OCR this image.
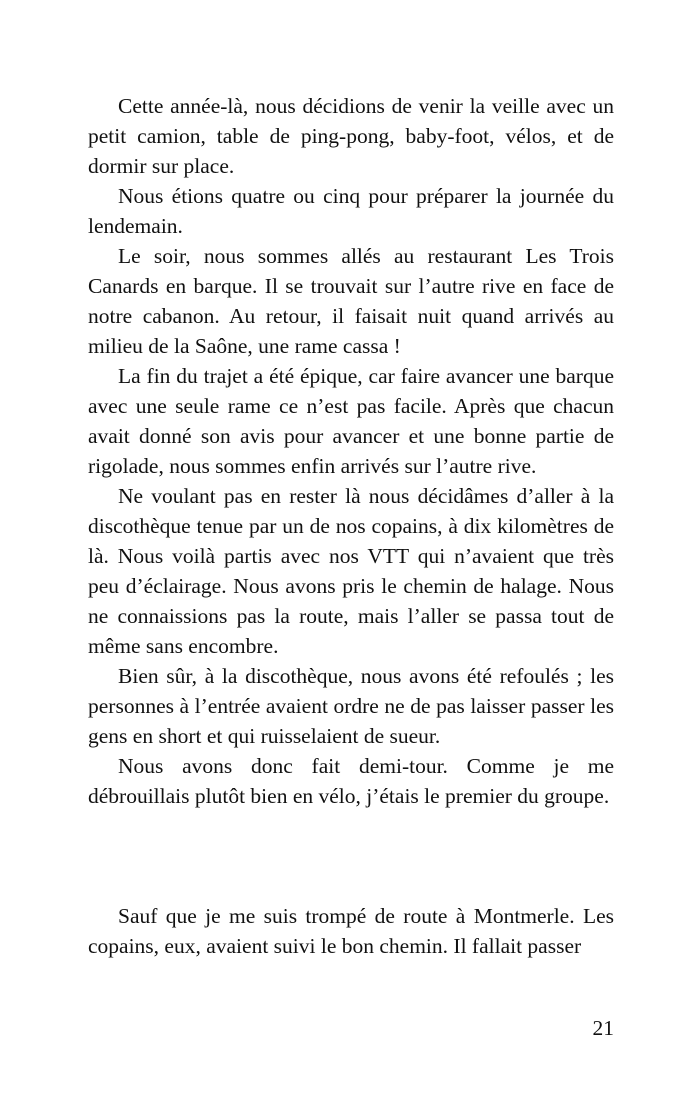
Cette année-là, nous décidions de venir la veille avec un petit camion, table de ping-pong, baby-foot, vélos, et de dormir sur place.

Nous étions quatre ou cinq pour préparer la journée du lendemain.

Le soir, nous sommes allés au restaurant Les Trois Canards en barque. Il se trouvait sur l’autre rive en face de notre cabanon. Au retour, il faisait nuit quand arrivés au milieu de la Saône, une rame cassa !

La fin du trajet a été épique, car faire avancer une barque avec une seule rame ce n’est pas facile. Après que chacun avait donné son avis pour avancer et une bonne partie de rigolade, nous sommes enfin arrivés sur l’autre rive.

Ne voulant pas en rester là nous décidâmes d’aller à la discothèque tenue par un de nos copains, à dix kilomètres de là. Nous voilà partis avec nos VTT qui n’avaient que très peu d’éclairage. Nous avons pris le chemin de halage. Nous ne connaissions pas la route, mais l’aller se passa tout de même sans encombre.

Bien sûr, à la discothèque, nous avons été refoulés ; les personnes à l’entrée avaient ordre ne de pas laisser passer les gens en short et qui ruisselaient de sueur.

Nous avons donc fait demi-tour. Comme je me débrouillais plutôt bien en vélo, j’étais le premier du groupe.

Sauf que je me suis trompé de route à Montmerle. Les copains, eux, avaient suivi le bon chemin. Il fallait passer

21
